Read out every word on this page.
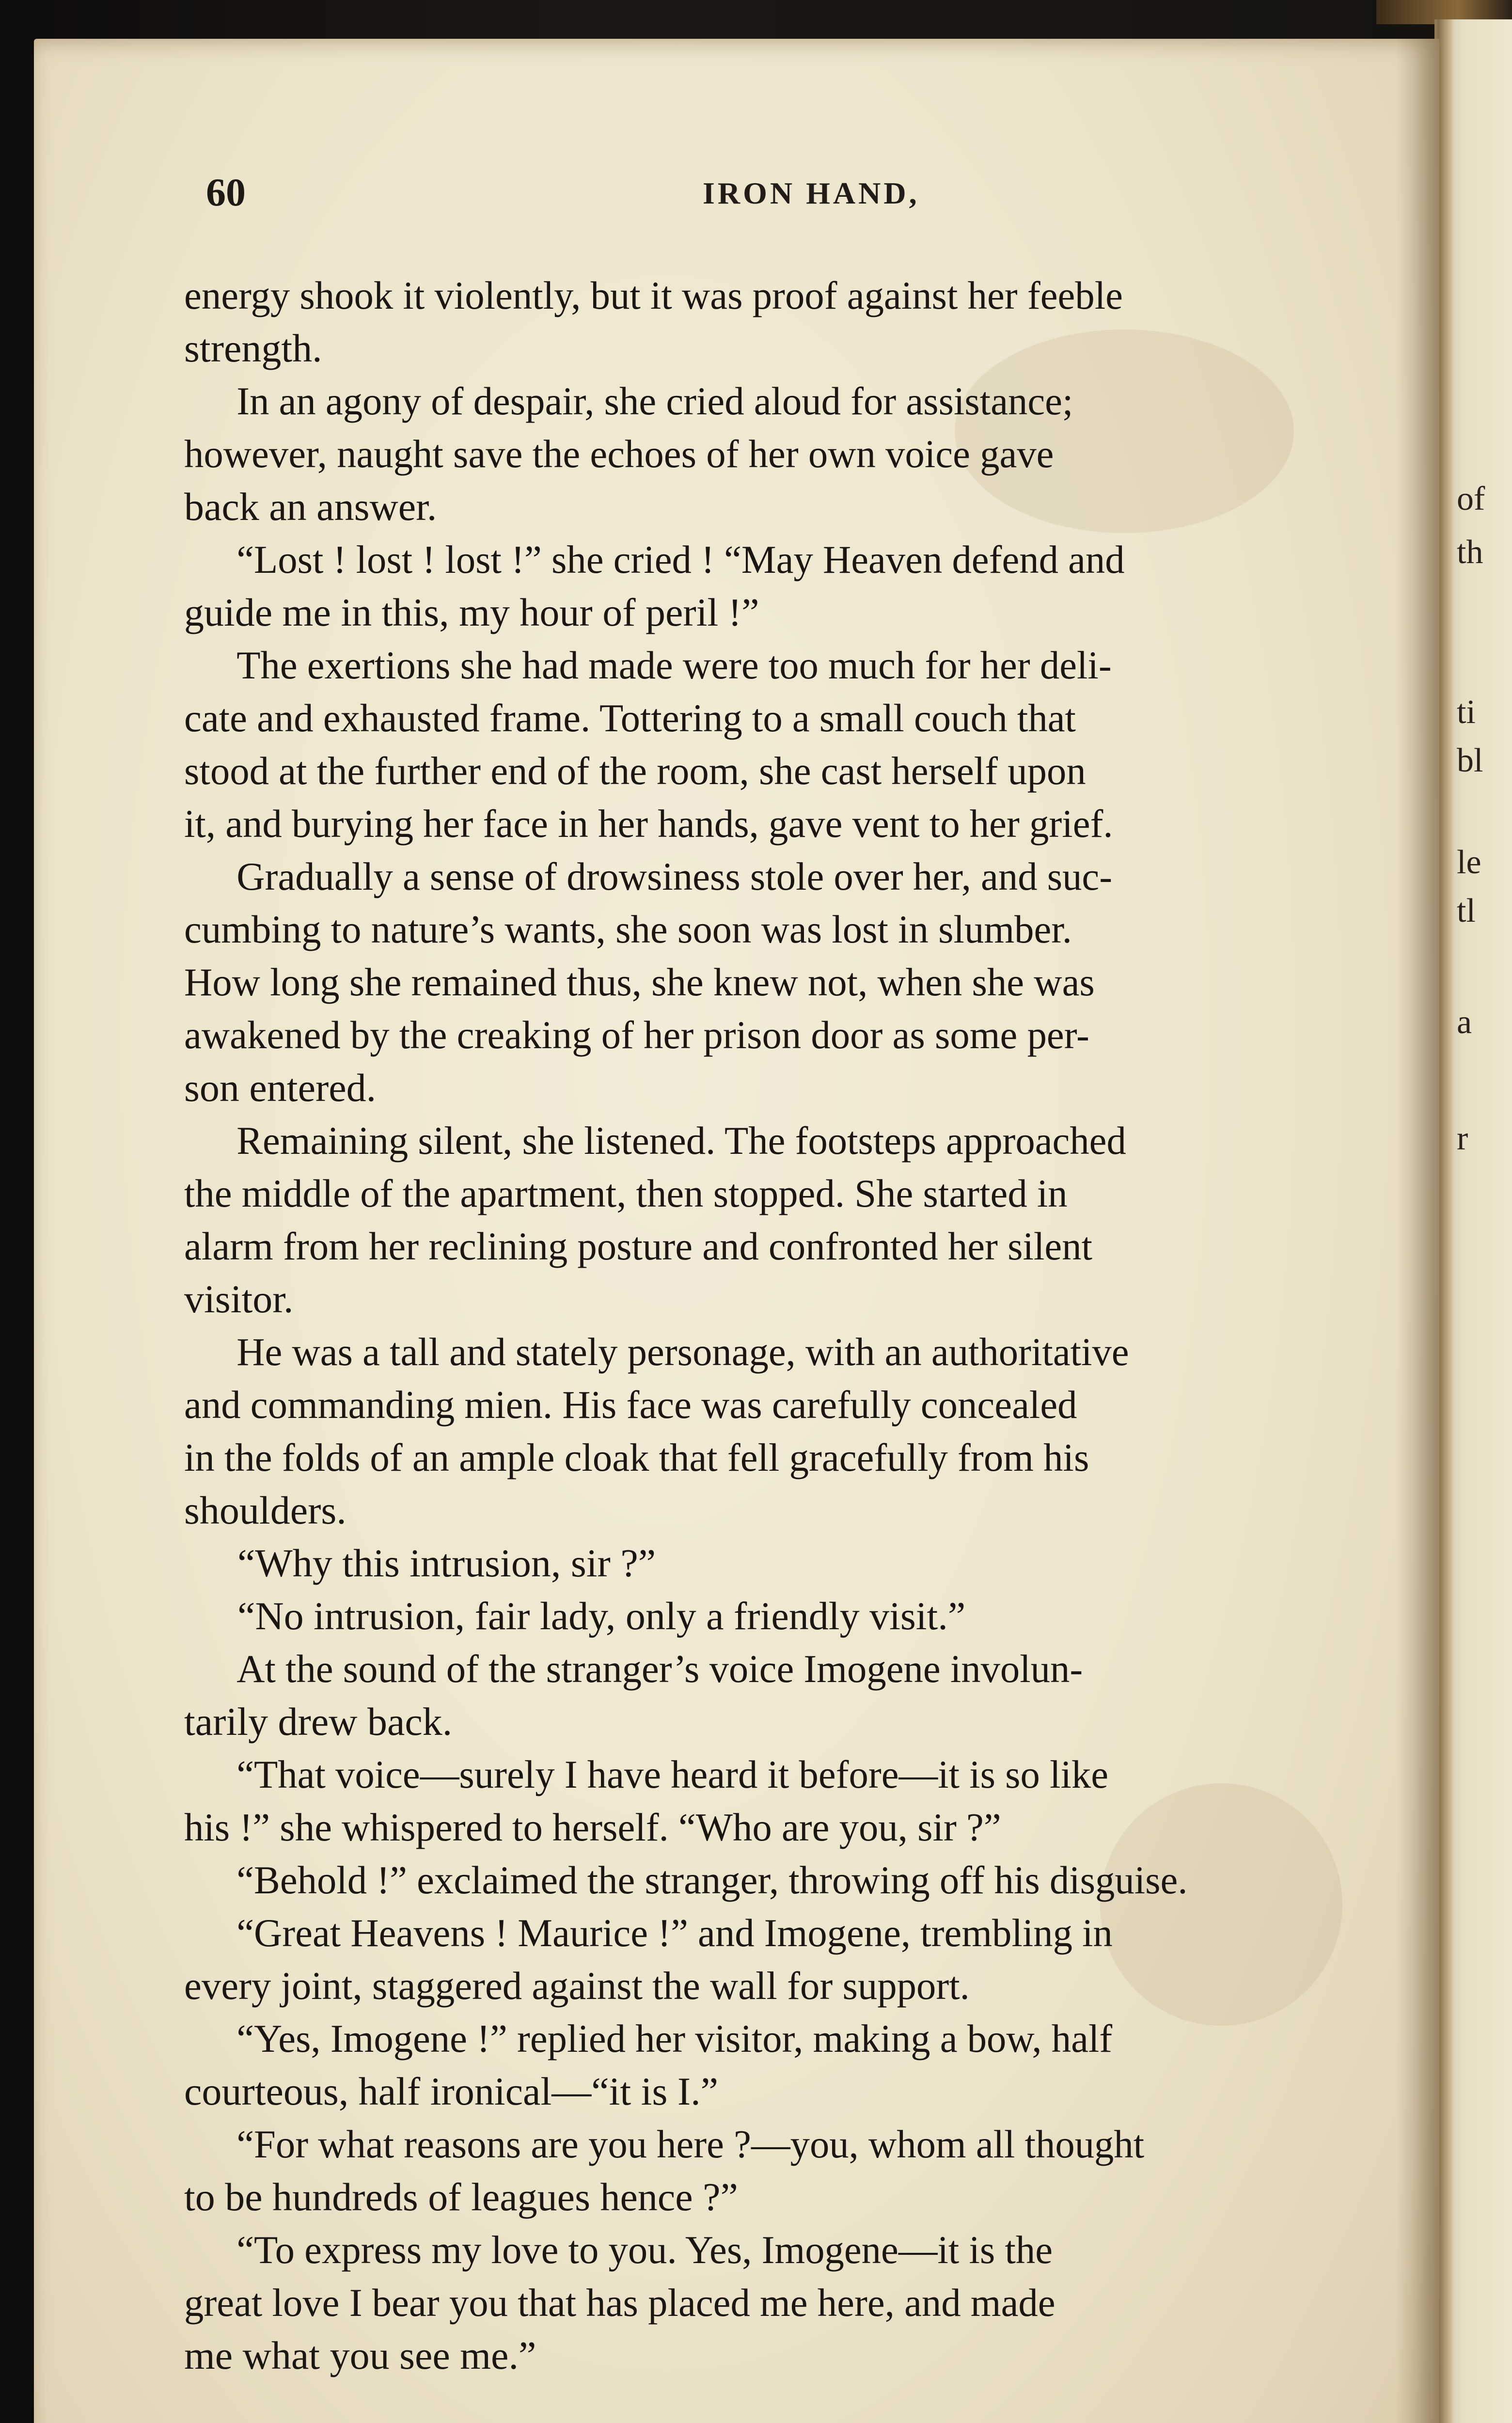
of
th
ti
bl
le
tl
a
r
60	IRON HAND,
energy shook it violently, but it was proof against her feeble
strength.
In an agony of despair, she cried aloud for assistance;
however, naught save the echoes of her own voice gave
back an answer.
“Lost ! lost ! lost !” she cried ! “May Heaven defend and
guide me in this, my hour of peril !”
The exertions she had made were too much for her deli-
cate and exhausted frame. Tottering to a small couch that
stood at the further end of the room, she cast herself upon
it, and burying her face in her hands, gave vent to her grief.
Gradually a sense of drowsiness stole over her, and suc-
cumbing to nature’s wants, she soon was lost in slumber.
How long she remained thus, she knew not, when she was
awakened by the creaking of her prison door as some per-
son entered.
Remaining silent, she listened. The footsteps approached
the middle of the apartment, then stopped. She started in
alarm from her reclining posture and confronted her silent
visitor.
He was a tall and stately personage, with an authoritative
and commanding mien. His face was carefully concealed
in the folds of an ample cloak that fell gracefully from his
shoulders.
“Why this intrusion, sir ?”
“No intrusion, fair lady, only a friendly visit.”
At the sound of the stranger’s voice Imogene involun-
tarily drew back.
“That voice—surely I have heard it before—it is so like
his !” she whispered to herself. “Who are you, sir ?”
“Behold !” exclaimed the stranger, throwing off his disguise.
“Great Heavens ! Maurice !” and Imogene, trembling in
every joint, staggered against the wall for support.
“Yes, Imogene !” replied her visitor, making a bow, half
courteous, half ironical—“it is I.”
“For what reasons are you here ?—you, whom all thought
to be hundreds of leagues hence ?”
“To express my love to you. Yes, Imogene—it is the
great love I bear you that has placed me here, and made
me what you see me.”
